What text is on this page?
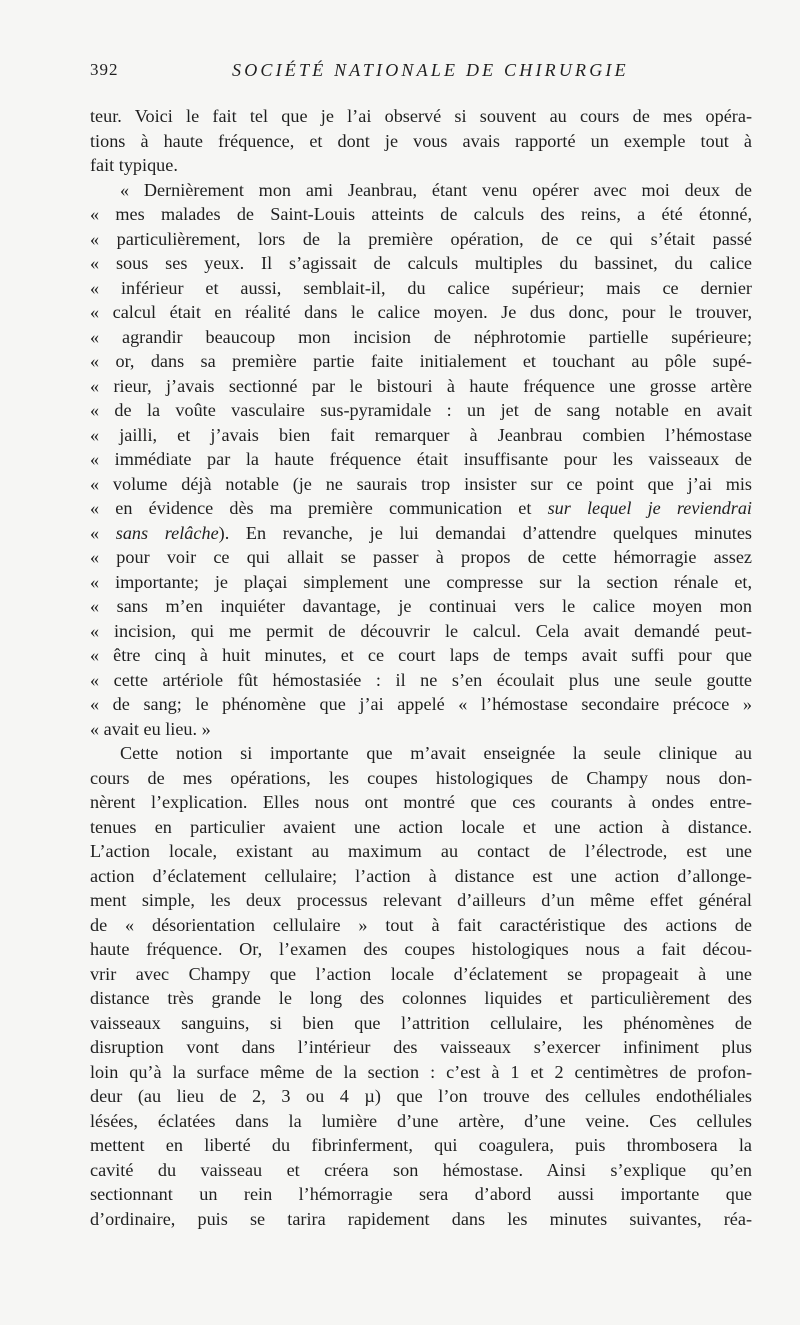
392	SOCIÉTÉ NATIONALE DE CHIRURGIE
teur. Voici le fait tel que je l’ai observé si souvent au cours de mes opéra-
tions à haute fréquence, et dont je vous avais rapporté un exemple tout à
fait typique.
« Dernièrement mon ami Jeanbrau, étant venu opérer avec moi deux de
« mes malades de Saint-Louis atteints de calculs des reins, a été étonné,
« particulièrement, lors de la première opération, de ce qui s’était passé
« sous ses yeux. Il s’agissait de calculs multiples du bassinet, du calice
« inférieur et aussi, semblait-il, du calice supérieur; mais ce dernier
« calcul était en réalité dans le calice moyen. Je dus donc, pour le trouver,
« agrandir beaucoup mon incision de néphrotomie partielle supérieure;
« or, dans sa première partie faite initialement et touchant au pôle supé-
« rieur, j’avais sectionné par le bistouri à haute fréquence une grosse artère
« de la voûte vasculaire sus-pyramidale : un jet de sang notable en avait
« jailli, et j’avais bien fait remarquer à Jeanbrau combien l’hémostase
« immédiate par la haute fréquence était insuffisante pour les vaisseaux de
« volume déjà notable (je ne saurais trop insister sur ce point que j’ai mis
« en évidence dès ma première communication et sur lequel je reviendrai
« sans relâche). En revanche, je lui demandai d’attendre quelques minutes
« pour voir ce qui allait se passer à propos de cette hémorragie assez
« importante; je plaçai simplement une compresse sur la section rénale et,
« sans m’en inquiéter davantage, je continuai vers le calice moyen mon
« incision, qui me permit de découvrir le calcul. Cela avait demandé peut-
« être cinq à huit minutes, et ce court laps de temps avait suffi pour que
« cette artériole fût hémostasiée : il ne s’en écoulait plus une seule goutte
« de sang; le phénomène que j’ai appelé « l’hémostase secondaire précoce »
« avait eu lieu. »
Cette notion si importante que m’avait enseignée la seule clinique au
cours de mes opérations, les coupes histologiques de Champy nous don-
nèrent l’explication. Elles nous ont montré que ces courants à ondes entre-
tenues en particulier avaient une action locale et une action à distance.
L’action locale, existant au maximum au contact de l’électrode, est une
action d’éclatement cellulaire; l’action à distance est une action d’allonge-
ment simple, les deux processus relevant d’ailleurs d’un même effet général
de « désorientation cellulaire » tout à fait caractéristique des actions de
haute fréquence. Or, l’examen des coupes histologiques nous a fait décou-
vrir avec Champy que l’action locale d’éclatement se propageait à une
distance très grande le long des colonnes liquides et particulièrement des
vaisseaux sanguins, si bien que l’attrition cellulaire, les phénomènes de
disruption vont dans l’intérieur des vaisseaux s’exercer infiniment plus
loin qu’à la surface même de la section : c’est à 1 et 2 centimètres de profon-
deur (au lieu de 2, 3 ou 4 µ) que l’on trouve des cellules endothéliales
lésées, éclatées dans la lumière d’une artère, d’une veine. Ces cellules
mettent en liberté du fibrinferment, qui coagulera, puis thrombosera la
cavité du vaisseau et créera son hémostase. Ainsi s’explique qu’en
sectionnant un rein l’hémorragie sera d’abord aussi importante que
d’ordinaire, puis se tarira rapidement dans les minutes suivantes, réa-
